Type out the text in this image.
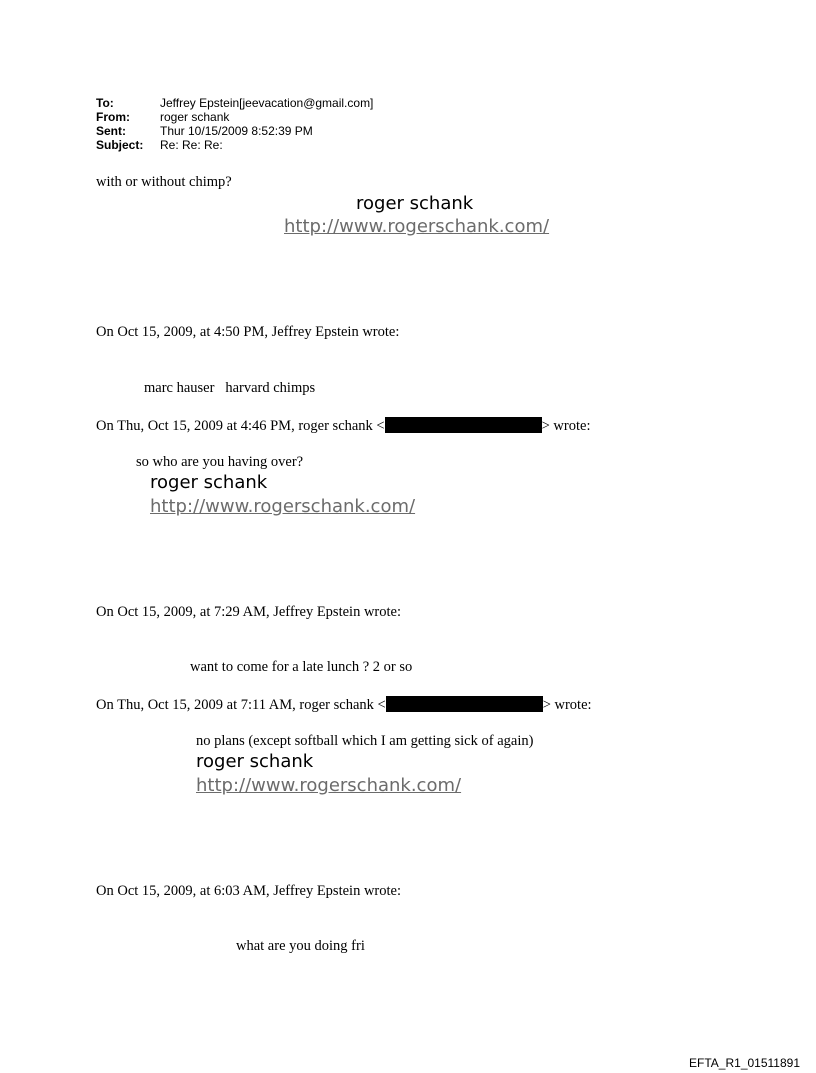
To:	Jeffrey Epstein[jeevacation@gmail.com]
From:	roger schank
Sent:	Thur 10/15/2009 8:52:39 PM
Subject:	Re: Re: Re:
with or without chimp?
roger schank
http://www.rogerschank.com/
On Oct 15, 2009, at 4:50 PM, Jeffrey Epstein wrote:
marc hauser   harvard chimps
On Thu, Oct 15, 2009 at 4:46 PM, roger schank <	> wrote:
so who are you having over?
roger schank
http://www.rogerschank.com/
On Oct 15, 2009, at 7:29 AM, Jeffrey Epstein wrote:
want to come for a late lunch ? 2 or so
On Thu, Oct 15, 2009 at 7:11 AM, roger schank <	> wrote:
no plans (except softball which I am getting sick of again)
roger schank
http://www.rogerschank.com/
On Oct 15, 2009, at 6:03 AM, Jeffrey Epstein wrote:
what are you doing fri
EFTA_R1_01511891
